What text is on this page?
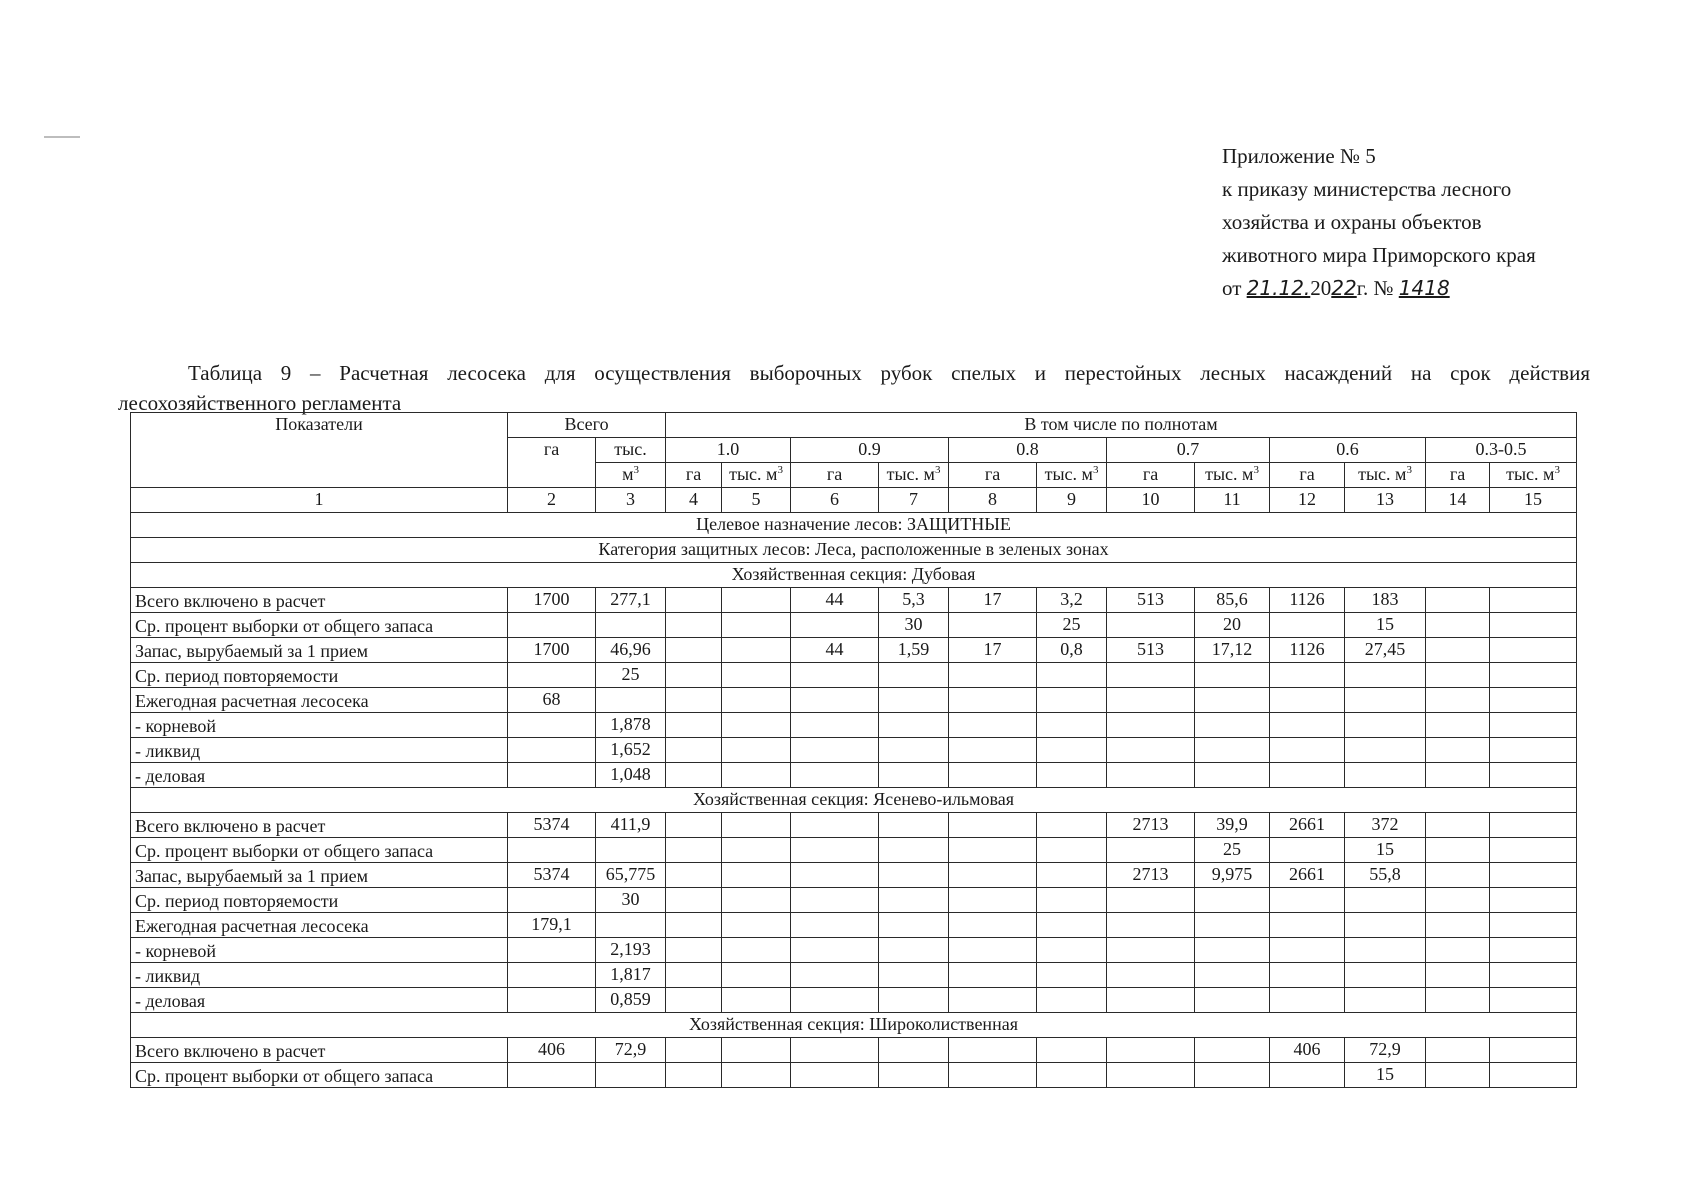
Приложение № 5
к приказу министерства лесного
хозяйства и охраны объектов
животного мира Приморского края
от 21.12.2022г. № 1418
Таблица 9 – Расчетная лесосека для осуществления выборочных рубок спелых и перестойных лесных насаждений на срок действия
лесохозяйственного регламента
Показатели	Всего		В том числе по полнотам											
	га	тыс.	1.0		0.9		0.8		0.7		0.6		0.3-0.5	
		$м^3$	га	тыс. $м^3$	га	тыс. $м^3$	га	тыс. $м^3$	га	тыс. $м^3$	га	тыс. $м^3$	га	тыс. $м^3$
1	2	3	4	5	6	7	8	9	10	11	12	13	14	15
Целевое назначение лесов: ЗАЩИТНЫЕ														
Категория защитных лесов: Леса, расположенные в зеленых зонах														
Хозяйственная секция: Дубовая														
Всего включено в расчет	1700	277,1			44	5,3	17	3,2	513	85,6	1126	183		
Ср. процент выборки от общего запаса						30		25		20		15		
Запас, вырубаемый за 1 прием	1700	46,96			44	1,59	17	0,8	513	17,12	1126	27,45		
Ср. период повторяемости		25												
Ежегодная расчетная лесосека	68													
- корневой		1,878												
- ликвид		1,652												
- деловая		1,048												
Хозяйственная секция: Ясенево-ильмовая														
Всего включено в расчет	5374	411,9							2713	39,9	2661	372		
Ср. процент выборки от общего запаса										25		15		
Запас, вырубаемый за 1 прием	5374	65,775							2713	9,975	2661	55,8		
Ср. период повторяемости		30												
Ежегодная расчетная лесосека	179,1													
- корневой		2,193												
- ликвид		1,817												
- деловая		0,859												
Хозяйственная секция: Широколиственная														
Всего включено в расчет	406	72,9									406	72,9		
Ср. процент выборки от общего запаса												15		
